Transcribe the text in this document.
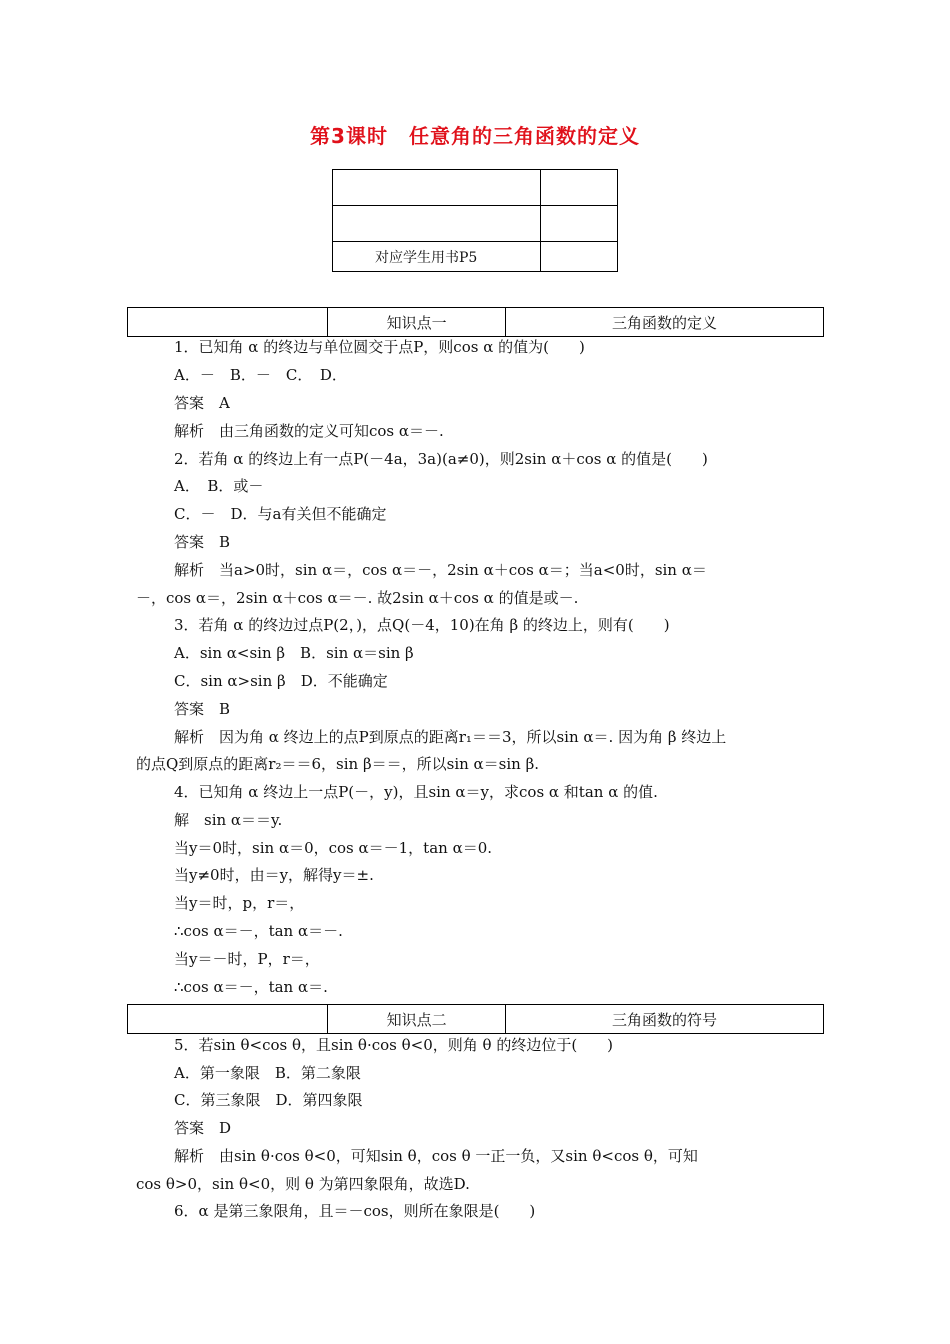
第3课时　任意角的三角函数的定义

对应学生用书P5	
	知识点一	三角函数的定义
1．已知角 α 的终边与单位圆交于点P，则cos α 的值为(　　)
A．－　B．－　C．　D．
答案　A
解析　由三角函数的定义可知cos α＝－.
2．若角 α 的终边上有一点P(－4a，3a)(a≠0)，则2sin α＋cos α 的值是(　　)
A．　B．或－
C．－　D．与a有关但不能确定
答案　B
解析　当a>0时，sin α＝，cos α＝－，2sin α＋cos α＝；当a<0时，sin α＝
－，cos α＝，2sin α＋cos α＝－. 故2sin α＋cos α 的值是或－.
3．若角 α 的终边过点P(2，)，点Q(－4，10)在角 β 的终边上，则有(　　)
A．sin α<sin β　B．sin α＝sin β
C．sin α>sin β　D．不能确定
答案　B
解析　因为角 α 终边上的点P到原点的距离r₁＝＝3，所以sin α＝. 因为角 β 终边上
的点Q到原点的距离r₂＝＝6，sin β＝＝，所以sin α＝sin β.
4．已知角 α 终边上一点P(－，y)，且sin α＝y，求cos α 和tan α 的值.
解　sin α＝＝y.
当y＝0时，sin α＝0，cos α＝－1，tan α＝0.
当y≠0时，由＝y，解得y＝±.
当y＝时，p，r＝，
∴cos α＝－，tan α＝－.
当y＝－时，P，r＝，
∴cos α＝－，tan α＝.
	知识点二	三角函数的符号
5．若sin θ<cos θ，且sin θ·cos θ<0，则角 θ 的终边位于(　　)
A．第一象限　B．第二象限
C．第三象限　D．第四象限
答案　D
解析　由sin θ·cos θ<0，可知sin θ，cos θ 一正一负，又sin θ<cos θ，可知
cos θ>0，sin θ<0，则 θ 为第四象限角，故选D.
6．α 是第三象限角，且＝－cos，则所在象限是(　　)
